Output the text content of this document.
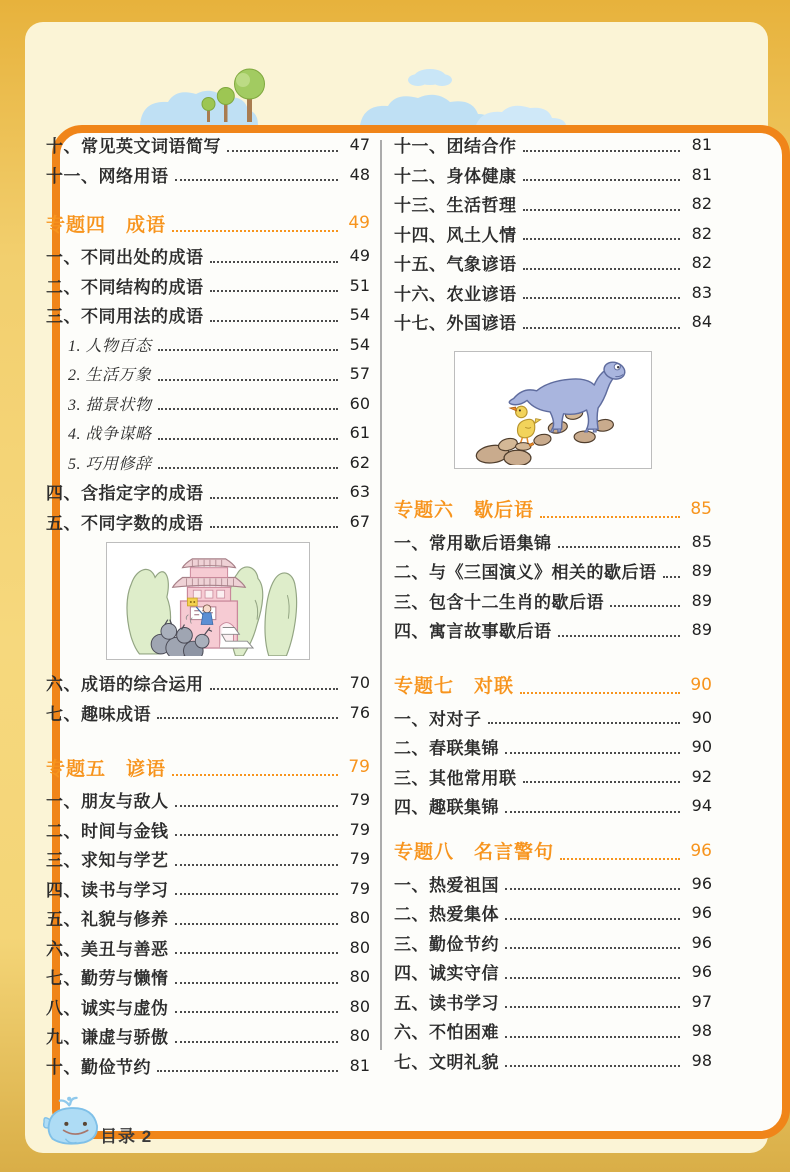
十、常见英文词语简写	47
十一、网络用语	48
专题四　成语	49
一、不同出处的成语	49
二、不同结构的成语	51
三、不同用法的成语	54
1. 人物百态	54
2. 生活万象	57
3. 描景状物	60
4. 战争谋略	61
5. 巧用修辞	62
四、含指定字的成语	63
五、不同字数的成语	67
六、成语的综合运用	70
七、趣味成语	76
专题五　谚语	79
一、朋友与敌人	79
二、时间与金钱	79
三、求知与学艺	79
四、读书与学习	79
五、礼貌与修养	80
六、美丑与善恶	80
七、勤劳与懒惰	80
八、诚实与虚伪	80
九、谦虚与骄傲	80
十、勤俭节约	81
十一、团结合作	81
十二、身体健康	81
十三、生活哲理	82
十四、风土人情	82
十五、气象谚语	82
十六、农业谚语	83
十七、外国谚语	84
专题六　歇后语	85
一、常用歇后语集锦	85
二、与《三国演义》相关的歇后语	89
三、包含十二生肖的歇后语	89
四、寓言故事歇后语	89
专题七　对联	90
一、对对子	90
二、春联集锦	90
三、其他常用联	92
四、趣联集锦	94
专题八　名言警句	96
一、热爱祖国	96
二、热爱集体	96
三、勤俭节约	96
四、诚实守信	96
五、读书学习	97
六、不怕困难	98
七、文明礼貌	98
目录 2
